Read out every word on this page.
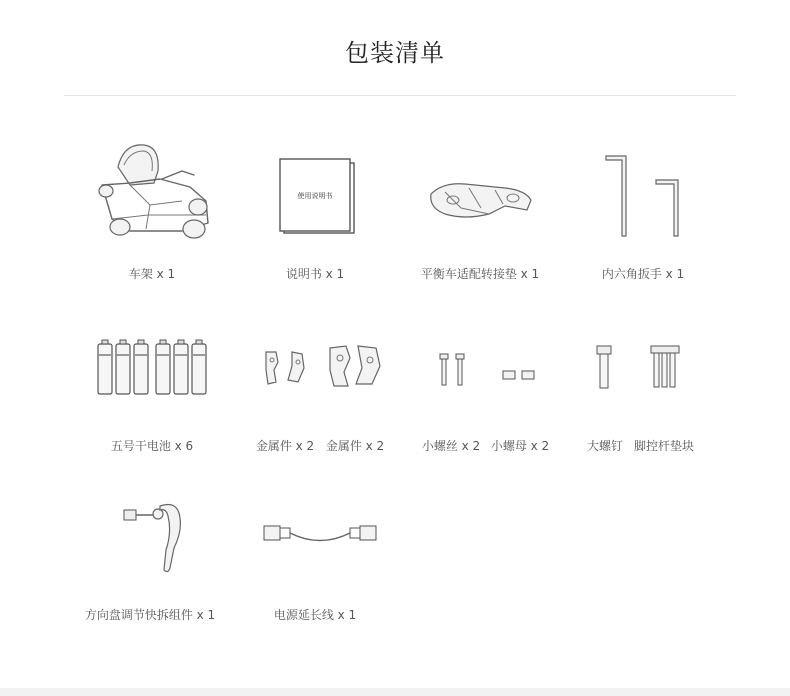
包装清单
车架 x 1
使用说明书
说明书 x 1	平衡车适配转接垫 x 1	内六角扳手 x 1
五号干电池 x 6	金属件 x 2 金属件 x 2	小螺丝 x 2 小螺母 x 2	大螺钉 脚控杆垫块
方向盘调节快拆组件 x 1	电源延长线 x 1
